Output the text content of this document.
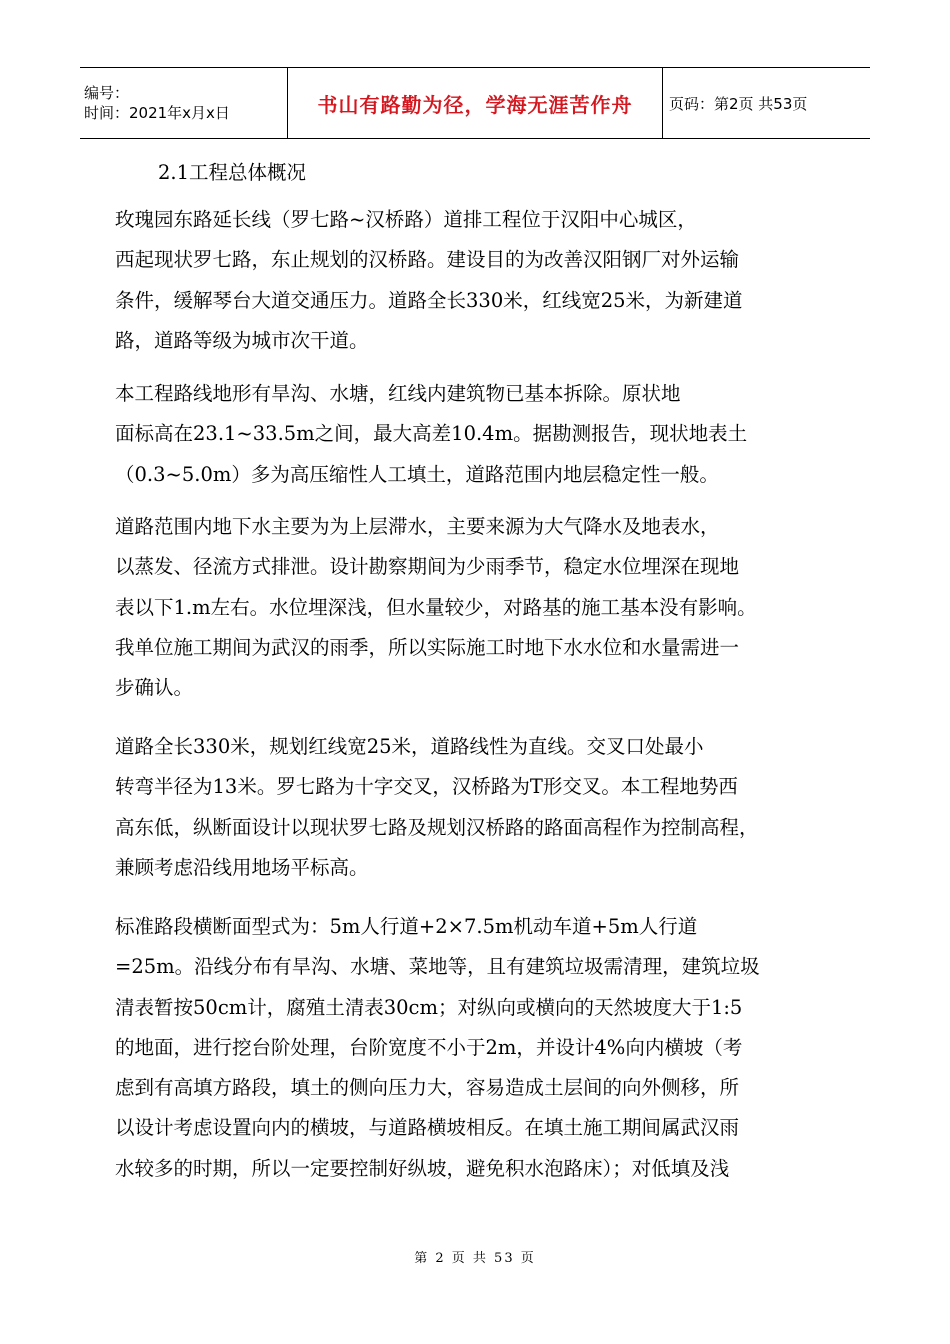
编号：
时间：2021年x月x日	书山有路勤为径，学海无涯苦作舟 页码：第2页 共53页
2.1工程总体概况
玫瑰园东路延长线（罗七路~汉桥路）道排工程位于汉阳中心城区，
西起现状罗七路，东止规划的汉桥路。建设目的为改善汉阳钢厂对外运输
条件，缓解琴台大道交通压力。道路全长330米，红线宽25米，为新建道
路，道路等级为城市次干道。
本工程路线地形有旱沟、水塘，红线内建筑物已基本拆除。原状地
面标高在23.1~33.5m之间，最大高差10.4m。据勘测报告，现状地表土
（0.3~5.0m）多为高压缩性人工填土，道路范围内地层稳定性一般。
道路范围内地下水主要为为上层滞水，主要来源为大气降水及地表水，
以蒸发、径流方式排泄。设计勘察期间为少雨季节，稳定水位埋深在现地
表以下1.m左右。水位埋深浅，但水量较少，对路基的施工基本没有影响。
我单位施工期间为武汉的雨季，所以实际施工时地下水水位和水量需进一
步确认。
道路全长330米，规划红线宽25米，道路线性为直线。交叉口处最小
转弯半径为13米。罗七路为十字交叉，汉桥路为T形交叉。本工程地势西
高东低，纵断面设计以现状罗七路及规划汉桥路的路面高程作为控制高程，
兼顾考虑沿线用地场平标高。
标准路段横断面型式为：5m人行道+2×7.5m机动车道+5m人行道
=25m。沿线分布有旱沟、水塘、菜地等，且有建筑垃圾需清理，建筑垃圾
清表暂按50cm计，腐殖土清表30cm；对纵向或横向的天然坡度大于1:5
的地面，进行挖台阶处理，台阶宽度不小于2m，并设计4%向内横坡（考
虑到有高填方路段，填土的侧向压力大，容易造成土层间的向外侧移，所
以设计考虑设置向内的横坡，与道路横坡相反。在填土施工期间属武汉雨
水较多的时期，所以一定要控制好纵坡，避免积水泡路床）；对低填及浅
第 2 页 共 53 页
